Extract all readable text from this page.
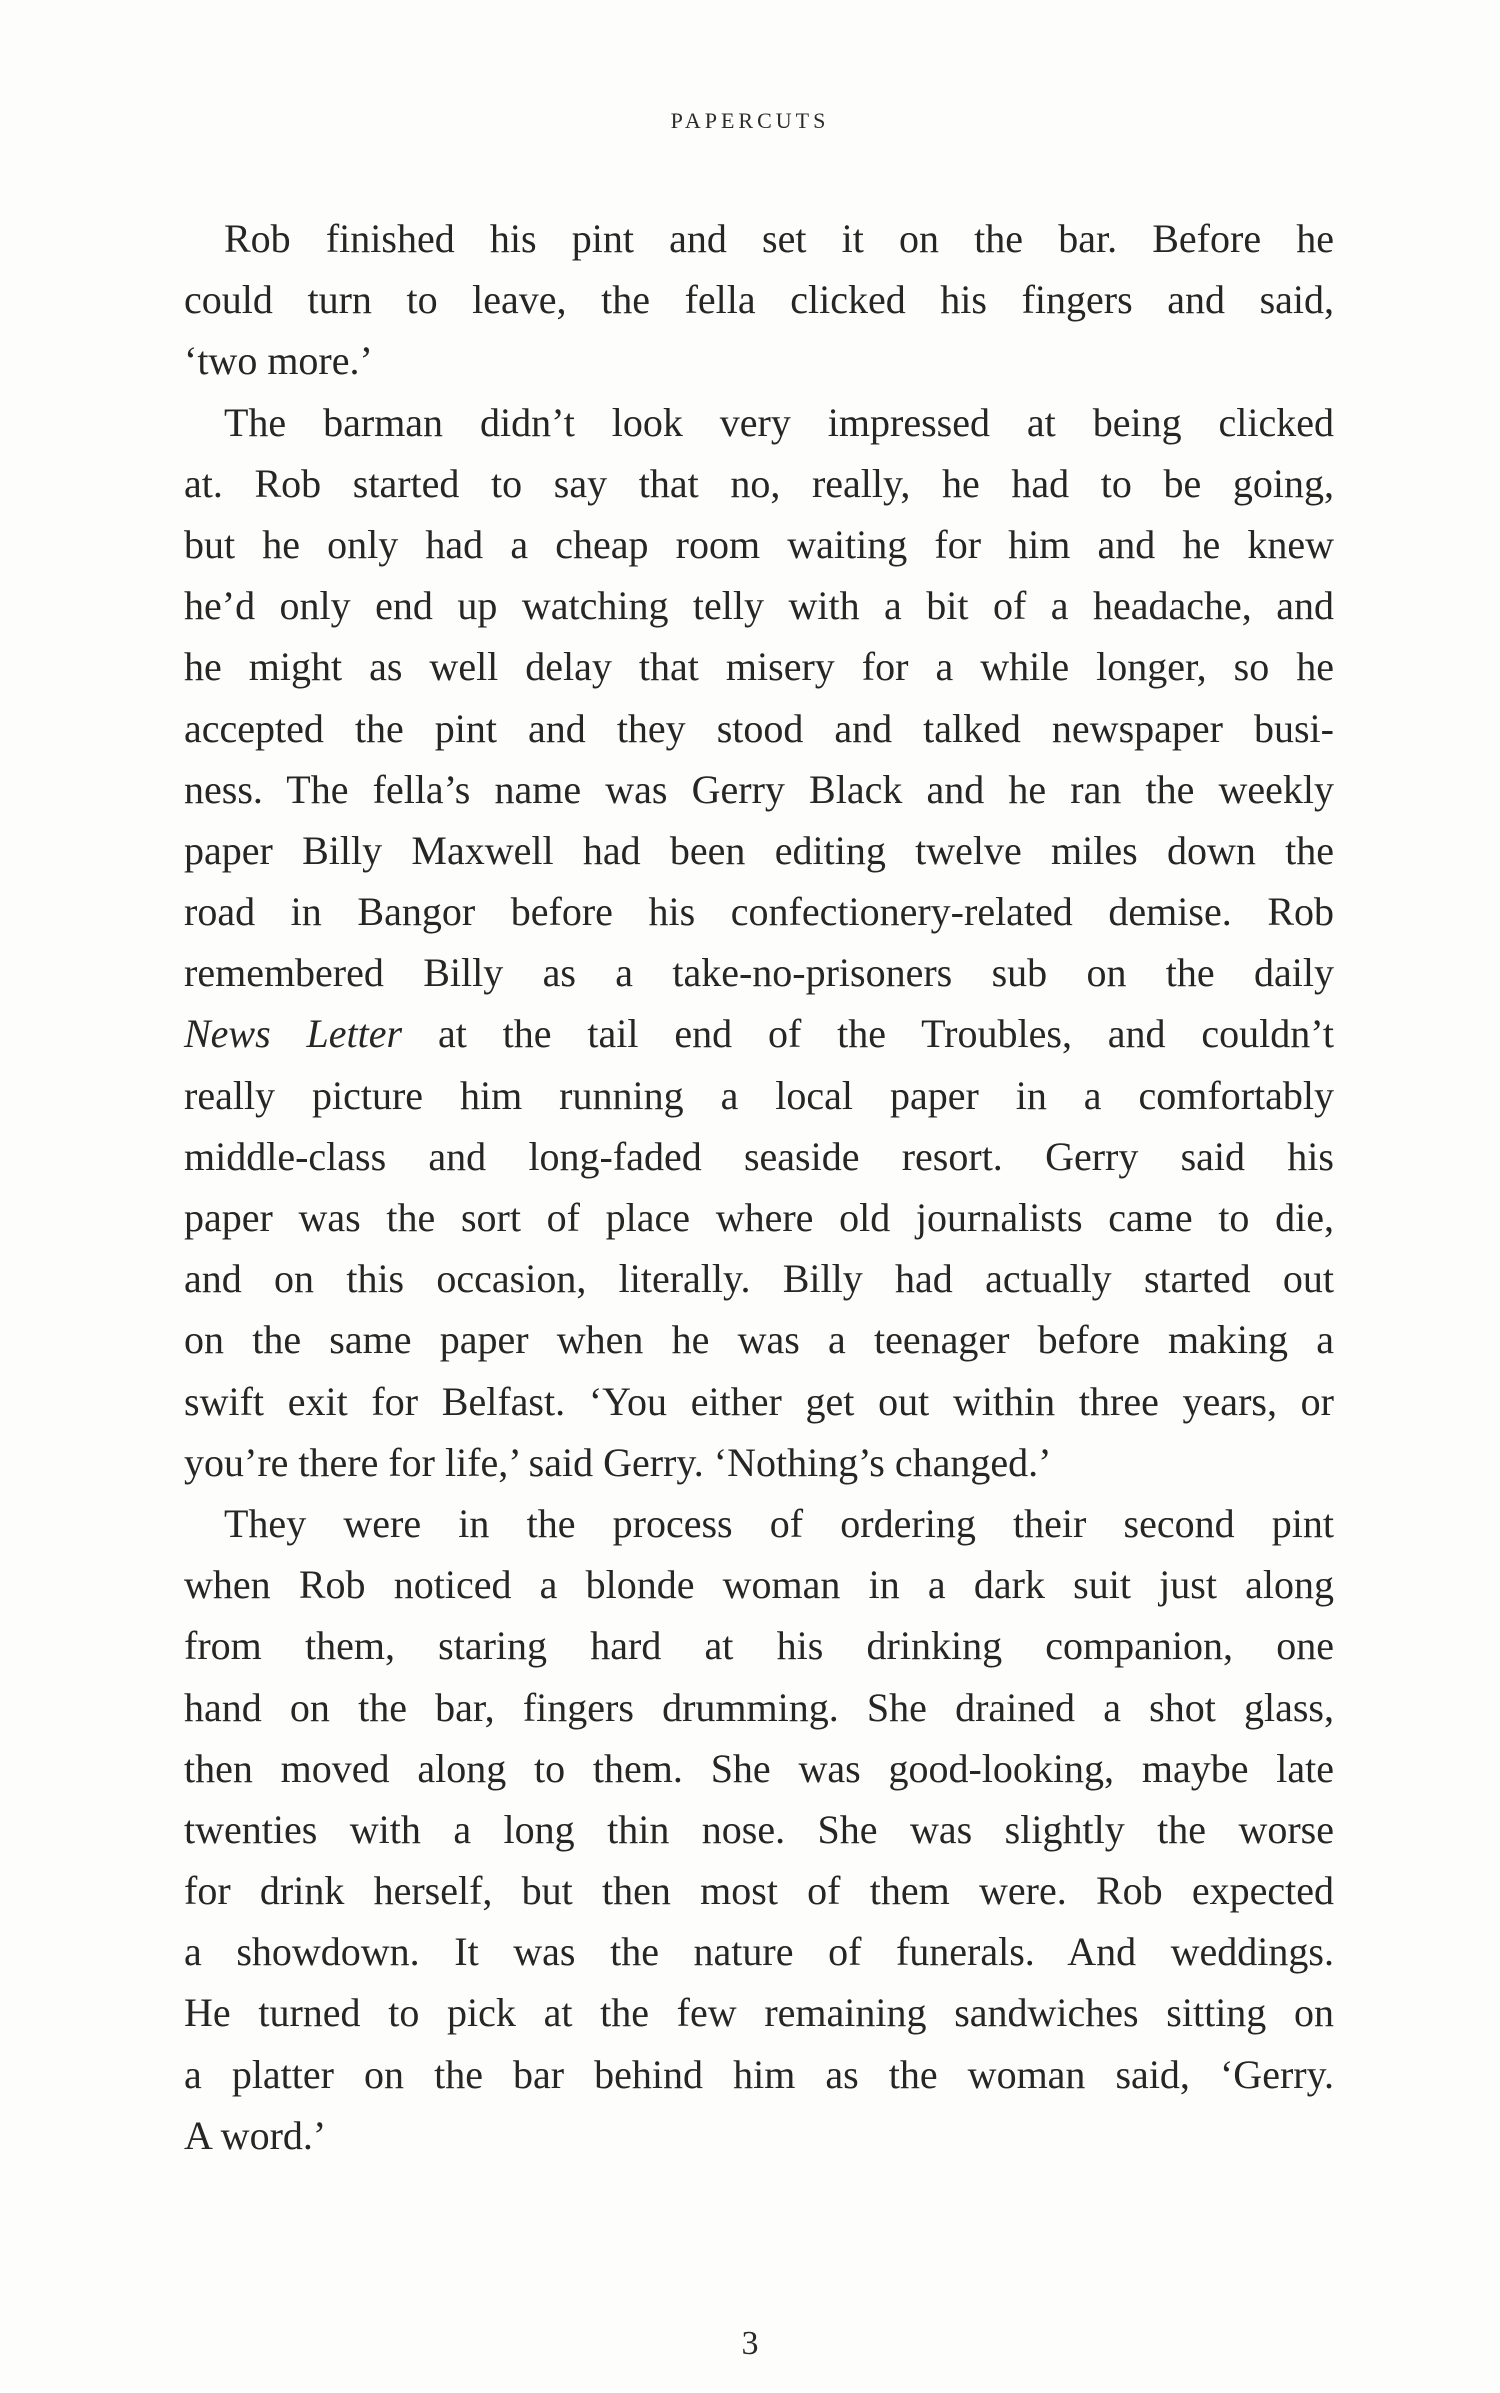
PAPERCUTS
Rob finished his pint and set it on the bar. Before he
could turn to leave, the fella clicked his fingers and said,
‘two more.’
The barman didn’t look very impressed at being clicked
at. Rob started to say that no, really, he had to be going,
but he only had a cheap room waiting for him and he knew
he’d only end up watching telly with a bit of a headache, and
he might as well delay that misery for a while longer, so he
accepted the pint and they stood and talked newspaper busi-
ness. The fella’s name was Gerry Black and he ran the weekly
paper Billy Maxwell had been editing twelve miles down the
road in Bangor before his confectionery-related demise. Rob
remembered Billy as a take-no-prisoners sub on the daily
News Letter at the tail end of the Troubles, and couldn’t
really picture him running a local paper in a comfortably
middle-class and long-faded seaside resort. Gerry said his
paper was the sort of place where old journalists came to die,
and on this occasion, literally. Billy had actually started out
on the same paper when he was a teenager before making a
swift exit for Belfast. ‘You either get out within three years, or
you’re there for life,’ said Gerry. ‘Nothing’s changed.’
They were in the process of ordering their second pint
when Rob noticed a blonde woman in a dark suit just along
from them, staring hard at his drinking companion, one
hand on the bar, fingers drumming. She drained a shot glass,
then moved along to them. She was good-looking, maybe late
twenties with a long thin nose. She was slightly the worse
for drink herself, but then most of them were. Rob expected
a showdown. It was the nature of funerals. And weddings.
He turned to pick at the few remaining sandwiches sitting on
a platter on the bar behind him as the woman said, ‘Gerry.
A word.’
3
